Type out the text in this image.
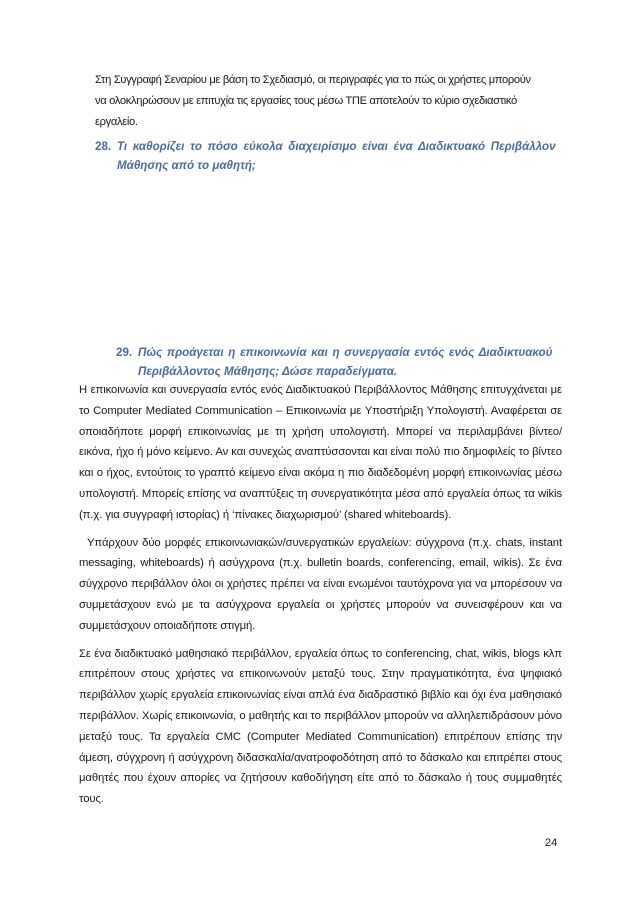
Στη Συγγραφή Σεναρίου με βάση το Σχεδιασμό, οι περιγραφές για το πώς οι χρήστες μπορούν

να ολοκληρώσουν με επιτυχία τις εργασίες τους μέσω ΤΠΕ αποτελούν το κύριο σχεδιαστικό

εργαλείο.

28. Τι καθορίζει το πόσο εύκολα διαχειρίσιμο είναι ένα Διαδικτυακό Περιβάλλον
Μάθησης από το μαθητή;
29. Πώς προάγεται η επικοινωνία και η συνεργασία εντός ενός Διαδικτυακού
Περιβάλλοντος Μάθησης; Δώσε παραδείγματα.

Η επικοινωνία και συνεργασία εντός ενός Διαδικτυακού Περιβάλλοντος Μάθησης επιτυγχάνεται με το Computer Mediated Communication – Επικοινωνία με Υποστήριξη Υπολογιστή. Αναφέρεται σε οποιαδήποτε μορφή επικοινωνίας με τη χρήση υπολογιστή. Μπορεί να περιλαμβάνει βίντεο/εικόνα, ήχο ή μόνο κείμενο. Αν και συνεχώς αναπτύσσονται και είναι πολύ πιο δημοφιλείς το βίντεο και ο ήχος, εντούτοις το γραπτό κείμενο είναι ακόμα η πιο διαδεδομένη μορφή επικοινωνίας μέσω υπολογιστή. Μπορείς επίσης να αναπτύξεις τη συνεργατικότητα μέσα από εργαλεία όπως τα wikis (π.χ. για συγγραφή ιστορίας) ή ‘πίνακες διαχωρισμού’ (shared whiteboards).

Υπάρχουν δύο μορφές επικοινωνιακών/συνεργατικών εργαλείων: σύγχρονα (π.χ. chats, instant messaging, whiteboards) ή ασύγχρονα (π.χ. bulletin boards, conferencing, email, wikis). Σε ένα σύγχρονο περιβάλλον όλοι οι χρήστες πρέπει να είναι ενωμένοι ταυτόχρονα για να μπορέσουν να συμμετάσχουν ενώ με τα ασύγχρονα εργαλεία οι χρήστες μπορούν να συνεισφέρουν και να συμμετάσχουν οποιαδήποτε στιγμή.

Σε ένα διαδικτυακό μαθησιακό περιβάλλον, εργαλεία όπως το conferencing, chat, wikis, blogs κλπ επιτρέπουν στους χρήστες να επικοινωνούν μεταξύ τους. Στην πραγματικότητα, ένα ψηφιακό περιβάλλον χωρίς εργαλεία επικοινωνίας είναι απλά ένα διαδραστικό βιβλίο και όχι ένα μαθησιακό περιβάλλον. Χωρίς επικοινωνία, ο μαθητής και το περιβάλλον μπορούν να αλληλεπιδράσουν μόνο μεταξύ τους. Τα εργαλεία CMC (Computer Mediated Communication) επιτρέπουν επίσης την άμεση, σύγχρονη ή ασύγχρονη διδασκαλία/ανατροφοδότηση από το δάσκαλο και επιτρέπει στους μαθητές που έχουν απορίες να ζητήσουν καθοδήγηση είτε από το δάσκαλο ή τους συμμαθητές τους.

24
